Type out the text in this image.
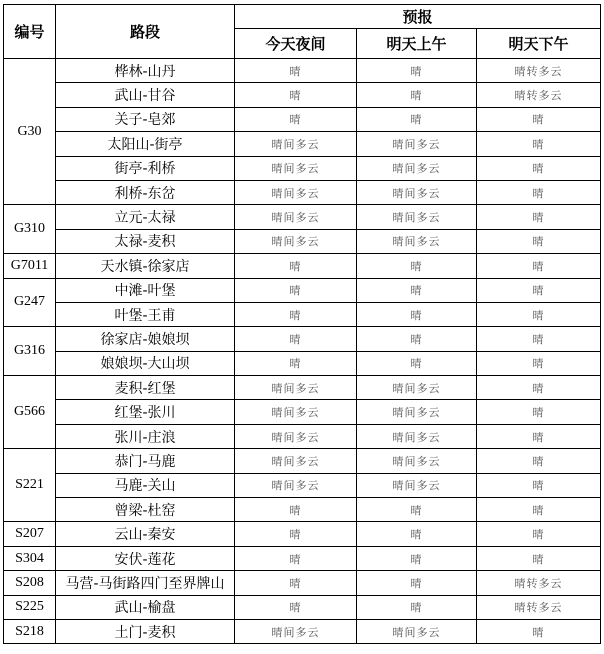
编号	路段	预报		
		今天夜间	明天上午	明天下午
G30	桦林-山丹	晴	晴	晴转多云
	武山-甘谷	晴	晴	晴转多云
	关子-皂郊	晴	晴	晴
	太阳山-街亭	晴间多云	晴间多云	晴
	街亭-利桥	晴间多云	晴间多云	晴
	利桥-东岔	晴间多云	晴间多云	晴
G310	立元-太禄	晴间多云	晴间多云	晴
	太禄-麦积	晴间多云	晴间多云	晴
G7011	天水镇-徐家店	晴	晴	晴
G247	中滩-叶堡	晴	晴	晴
	叶堡-王甫	晴	晴	晴
G316	徐家店-娘娘坝	晴	晴	晴
	娘娘坝-大山坝	晴	晴	晴
G566	麦积-红堡	晴间多云	晴间多云	晴
	红堡-张川	晴间多云	晴间多云	晴
	张川-庄浪	晴间多云	晴间多云	晴
S221	恭门-马鹿	晴间多云	晴间多云	晴
	马鹿-关山	晴间多云	晴间多云	晴
	曾梁-杜窑	晴	晴	晴
S207	云山-秦安	晴	晴	晴
S304	安伏-莲花	晴	晴	晴
S208	马营-马街路四门至界牌山	晴	晴	晴转多云
S225	武山-榆盘	晴	晴	晴转多云
S218	土门-麦积	晴间多云	晴间多云	晴
